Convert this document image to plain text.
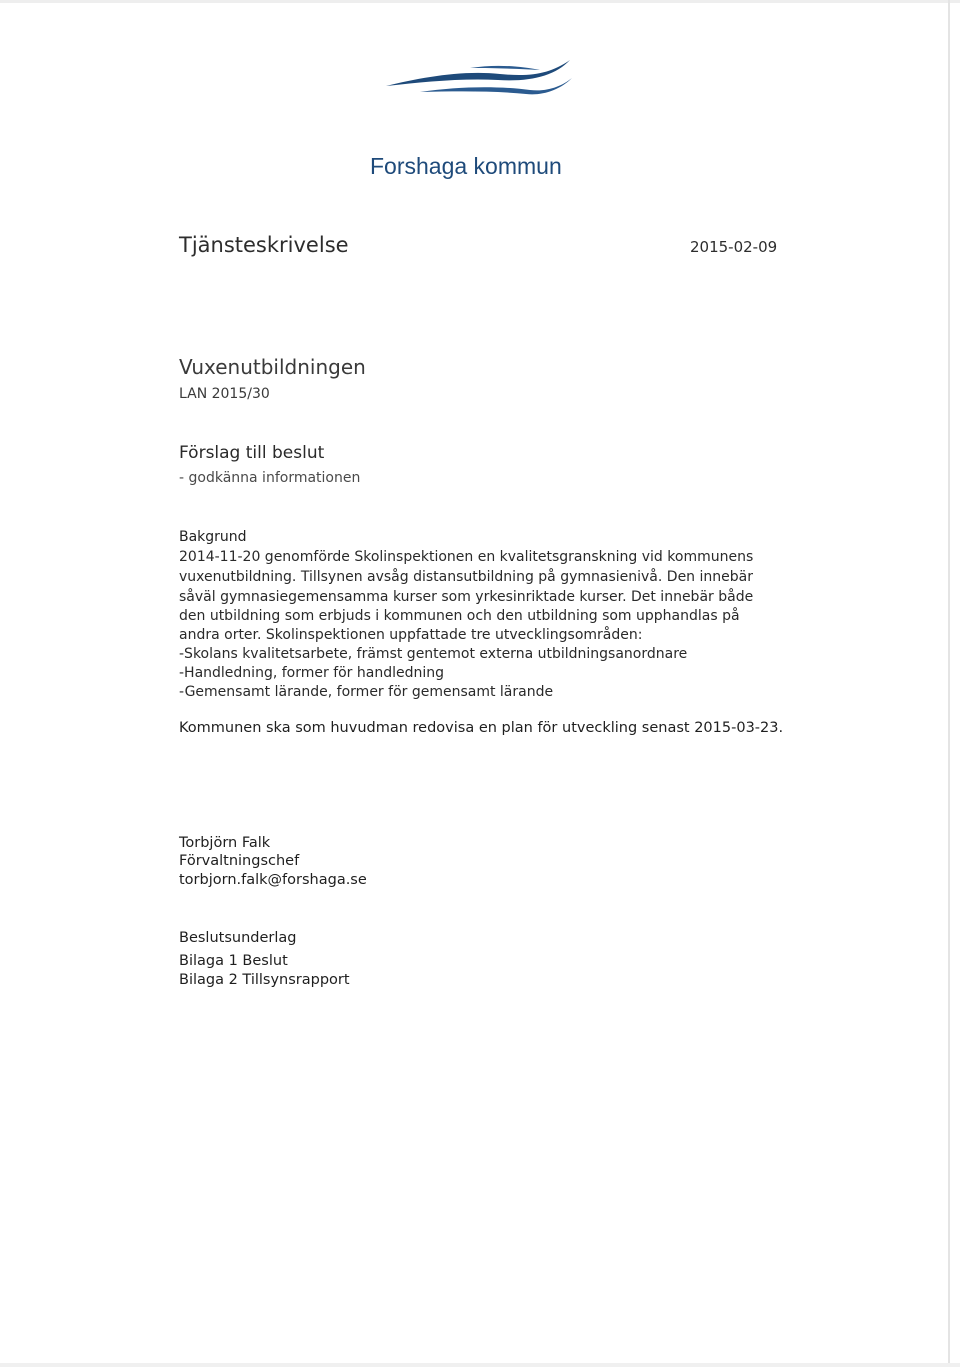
Forshaga kommun
Tjänsteskrivelse	2015-02-09
Vuxenutbildningen
LAN 2015/30
Förslag till beslut
- godkänna informationen
Bakgrund
2014-11-20 genomförde Skolinspektionen en kvalitetsgranskning vid kommunens
vuxenutbildning. Tillsynen avsåg distansutbildning på gymnasienivå. Den innebär
såväl gymnasiegemensamma kurser som yrkesinriktade kurser. Det innebär både
den utbildning som erbjuds i kommunen och den utbildning som upphandlas på
andra orter. Skolinspektionen uppfattade tre utvecklingsområden:
-Skolans kvalitetsarbete, främst gentemot externa utbildningsanordnare
-Handledning, former för handledning
-Gemensamt lärande, former för gemensamt lärande
Kommunen ska som huvudman redovisa en plan för utveckling senast 2015-03-23.
Torbjörn Falk
Förvaltningschef
torbjorn.falk@forshaga.se
Beslutsunderlag
Bilaga 1 Beslut
Bilaga 2 Tillsynsrapport
